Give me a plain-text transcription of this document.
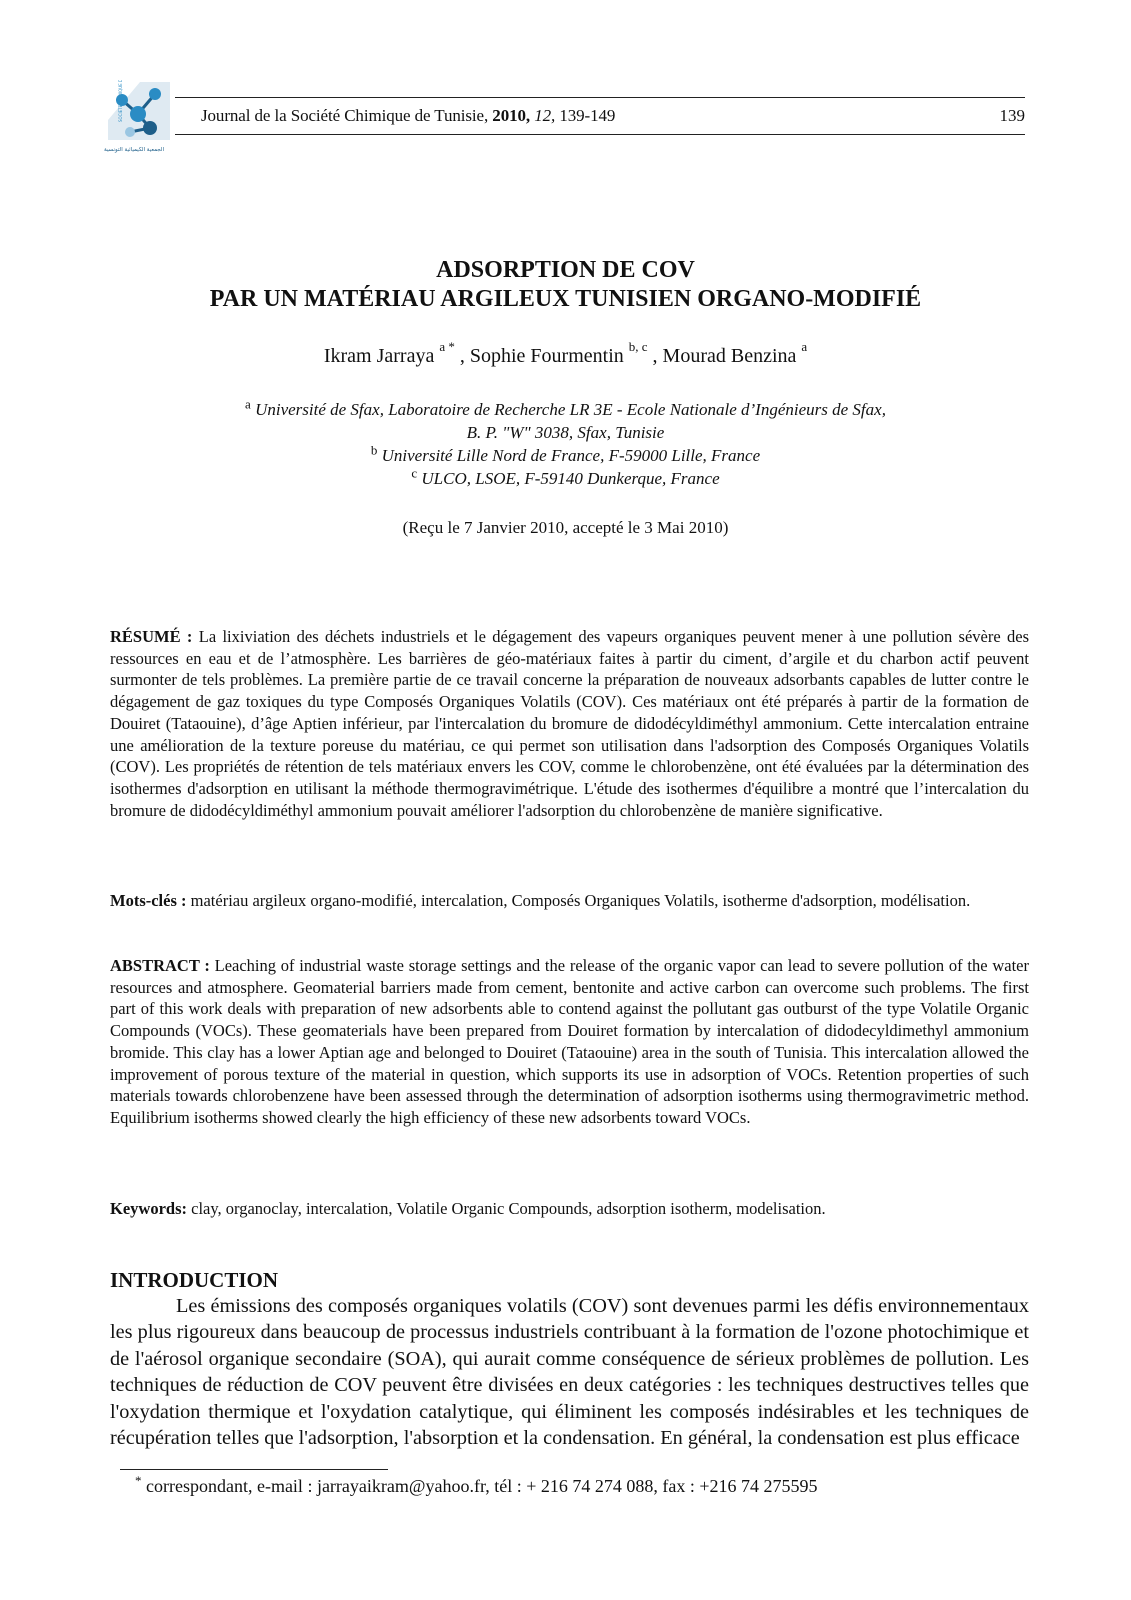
SOCIETE CHIMIQUE DE TUNISIE
الجمعية الكيميائية التونسية
Journal de la Société Chimique de Tunisie, 2010, 12, 139-149	139
ADSORPTION DE COV
PAR UN MATÉRIAU ARGILEUX TUNISIEN ORGANO-MODIFIÉ
Ikram Jarraya $^{a *}$ , Sophie Fourmentin $^{b, c}$ , Mourad Benzina $^a$
$^a$ Université de Sfax, Laboratoire de Recherche LR 3E - Ecole Nationale d’Ingénieurs de Sfax,
B. P. "W" 3038, Sfax, Tunisie
$^b$ Université Lille Nord de France, F-59000 Lille, France
$^c$ ULCO, LSOE, F-59140 Dunkerque, France
(Reçu le 7 Janvier 2010, accepté le 3 Mai 2010)
RÉSUMÉ : La lixiviation des déchets industriels et le dégagement des vapeurs organiques peuvent mener à une pollution sévère des ressources en eau et de l’atmosphère. Les barrières de géo-matériaux faites à partir du ciment, d’argile et du charbon actif peuvent surmonter de tels problèmes. La première partie de ce travail concerne la préparation de nouveaux adsorbants capables de lutter contre le dégagement de gaz toxiques du type Composés Organiques Volatils (COV). Ces matériaux ont été préparés à partir de la formation de Douiret (Tataouine), d’âge Aptien inférieur, par l'intercalation du bromure de didodécyldiméthyl ammonium. Cette intercalation entraine une amélioration de la texture poreuse du matériau, ce qui permet son utilisation dans l'adsorption des Composés Organiques Volatils (COV). Les propriétés de rétention de tels matériaux envers les COV, comme le chlorobenzène, ont été évaluées par la détermination des isothermes d'adsorption en utilisant la méthode thermogravimétrique. L'étude des isothermes d'équilibre a montré que l’intercalation du bromure de didodécyldiméthyl ammonium pouvait améliorer l'adsorption du chlorobenzène de manière significative.
Mots-clés : matériau argileux organo-modifié, intercalation, Composés Organiques Volatils, isotherme d'adsorption, modélisation.
ABSTRACT : Leaching of industrial waste storage settings and the release of the organic vapor can lead to severe pollution of the water resources and atmosphere. Geomaterial barriers made from cement, bentonite and active carbon can overcome such problems. The first part of this work deals with preparation of new adsorbents able to contend against the pollutant gas outburst of the type Volatile Organic Compounds (VOCs). These geomaterials have been prepared from Douiret formation by intercalation of didodecyldimethyl ammonium bromide. This clay has a lower Aptian age and belonged to Douiret (Tataouine) area in the south of Tunisia. This intercalation allowed the improvement of porous texture of the material in question, which supports its use in adsorption of VOCs. Retention properties of such materials towards chlorobenzene have been assessed through the determination of adsorption isotherms using thermogravimetric method. Equilibrium isotherms showed clearly the high efficiency of these new adsorbents toward VOCs.
Keywords: clay, organoclay, intercalation, Volatile Organic Compounds, adsorption isotherm, modelisation.
INTRODUCTION
Les émissions des composés organiques volatils (COV) sont devenues parmi les défis environnementaux les plus rigoureux dans beaucoup de processus industriels contribuant à la formation de l'ozone photochimique et de l'aérosol organique secondaire (SOA), qui aurait comme conséquence de sérieux problèmes de pollution. Les techniques de réduction de COV peuvent être divisées en deux catégories : les techniques destructives telles que l'oxydation thermique et l'oxydation catalytique, qui éliminent les composés indésirables et les techniques de récupération telles que l'adsorption, l'absorption et la condensation. En général, la condensation est plus efficace
* correspondant, e-mail : jarrayaikram@yahoo.fr, tél : + 216 74 274 088, fax : +216 74 275595
